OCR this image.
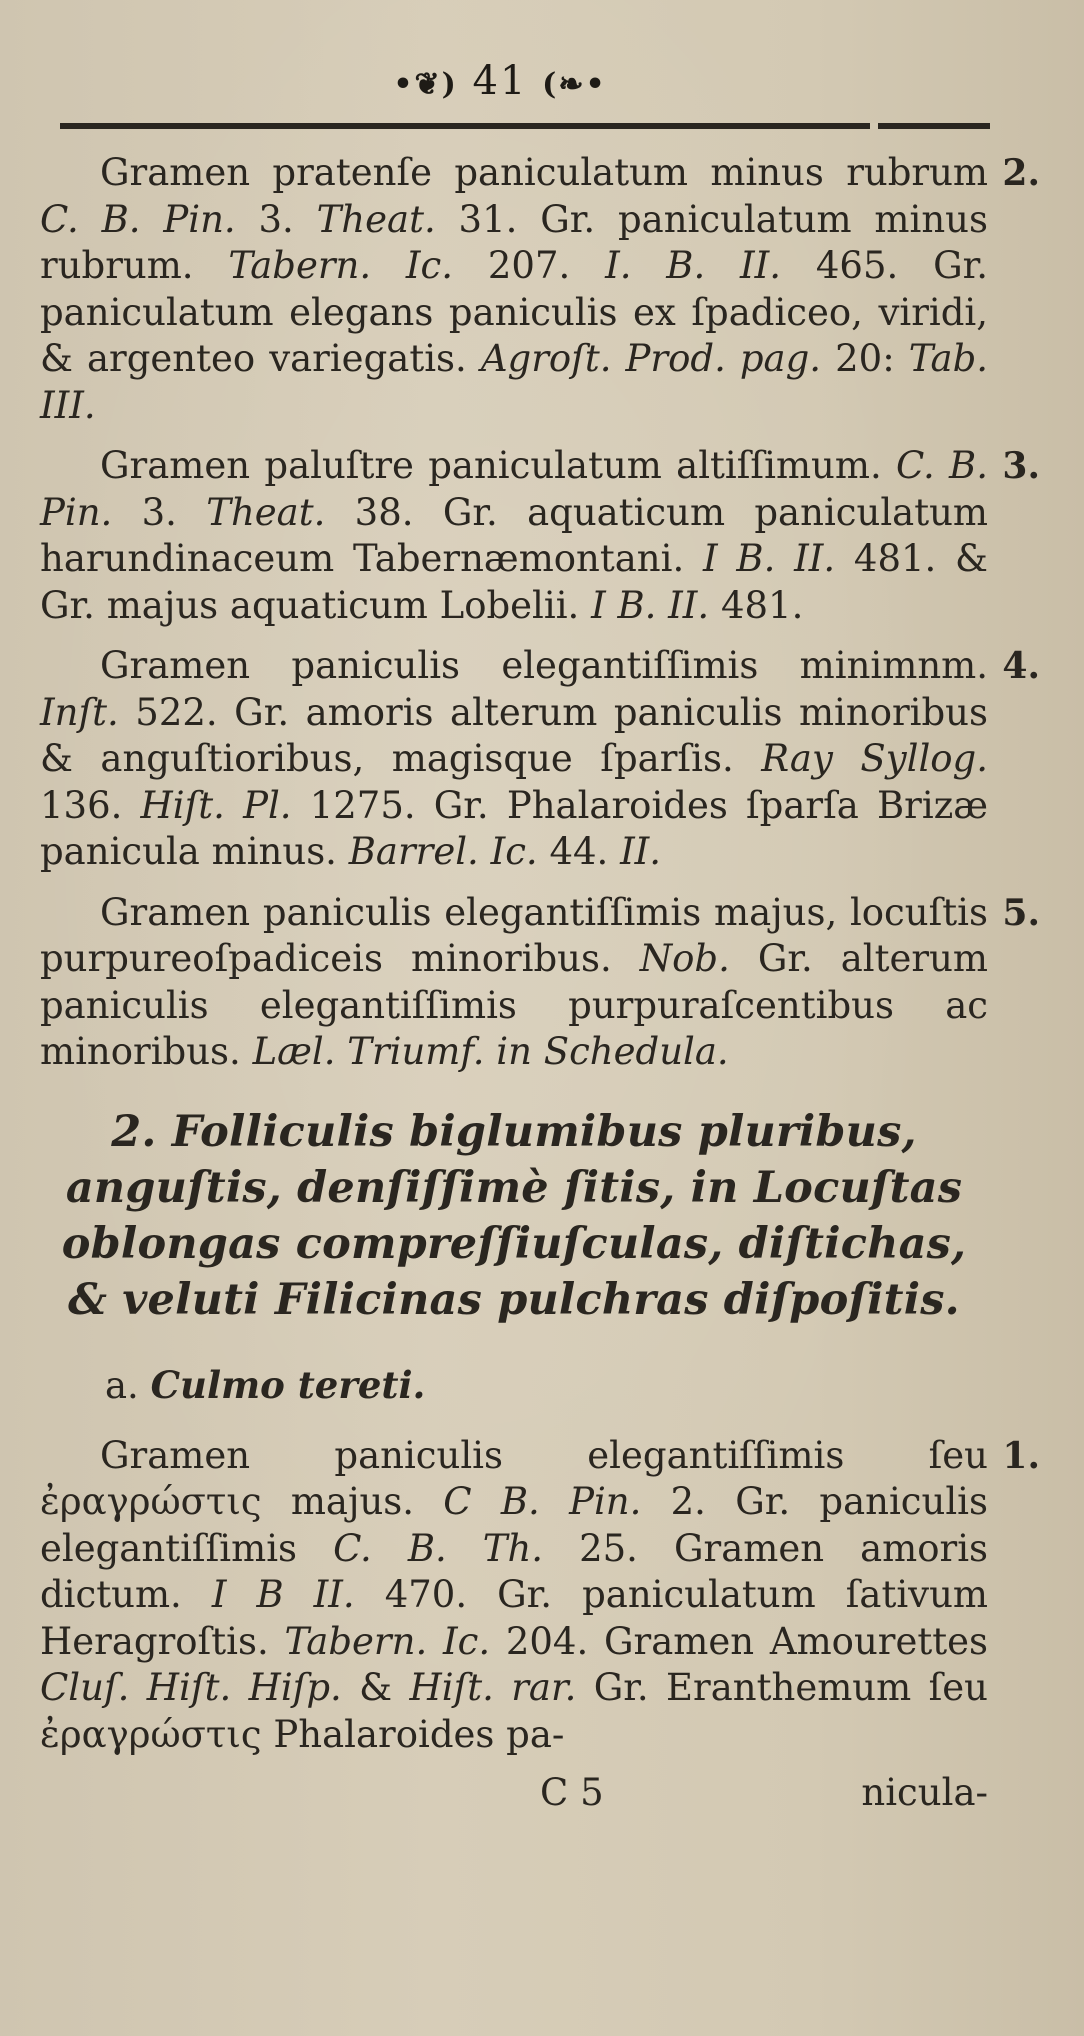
•❦) 41 (❧•
Gramen pratenſe paniculatum minus rubrum C. B. Pin. 3. Theat. 31. Gr. paniculatum minus rubrum. Tabern. Ic. 207. I. B. II. 465. Gr. paniculatum elegans paniculis ex ſpadiceo, viridi, & argenteo variegatis. Agroſt. Prod. pag. 20: Tab. III.
2.
Gramen paluſtre paniculatum altiſſimum. C. B. Pin. 3. Theat. 38. Gr. aquaticum paniculatum harundinaceum Tabernæmontani. I B. II. 481. & Gr. majus aquaticum Lobelii. I B. II. 481.
3.
Gramen paniculis elegantiſſimis minimnm. Inſt. 522. Gr. amoris alterum paniculis minoribus & anguſtioribus, magisque ſparſis. Ray Syllog. 136. Hiſt. Pl. 1275. Gr. Phalaroides ſparſa Brizæ panicula minus. Barrel. Ic. 44. II.
4.
Gramen paniculis elegantiſſimis majus, locuſtis purpureoſpadiceis minoribus. Nob. Gr. alterum paniculis elegantiſſimis purpuraſcentibus ac minoribus. Læl. Triumf. in Schedula.
5.
2. Folliculis biglumibus pluribus, anguſtis, denſiſſimè ſitis, in Locuſtas oblongas compreſſiuſculas, diſtichas, & veluti Filicinas pulchras diſpoſitis.
a. Culmo tereti.
Gramen paniculis elegantiſſimis ſeu ἐραγρώστις majus. C B. Pin. 2. Gr. paniculis elegantiſſimis C. B. Th. 25. Gramen amoris dictum. I B II. 470. Gr. paniculatum ſativum Heragroſtis. Tabern. Ic. 204. Gramen Amourettes Cluſ. Hiſt. Hiſp. & Hiſt. rar. Gr. Eranthemum ſeu ἐραγρώστις Phalaroides pa-
1.
C 5	nicula-
